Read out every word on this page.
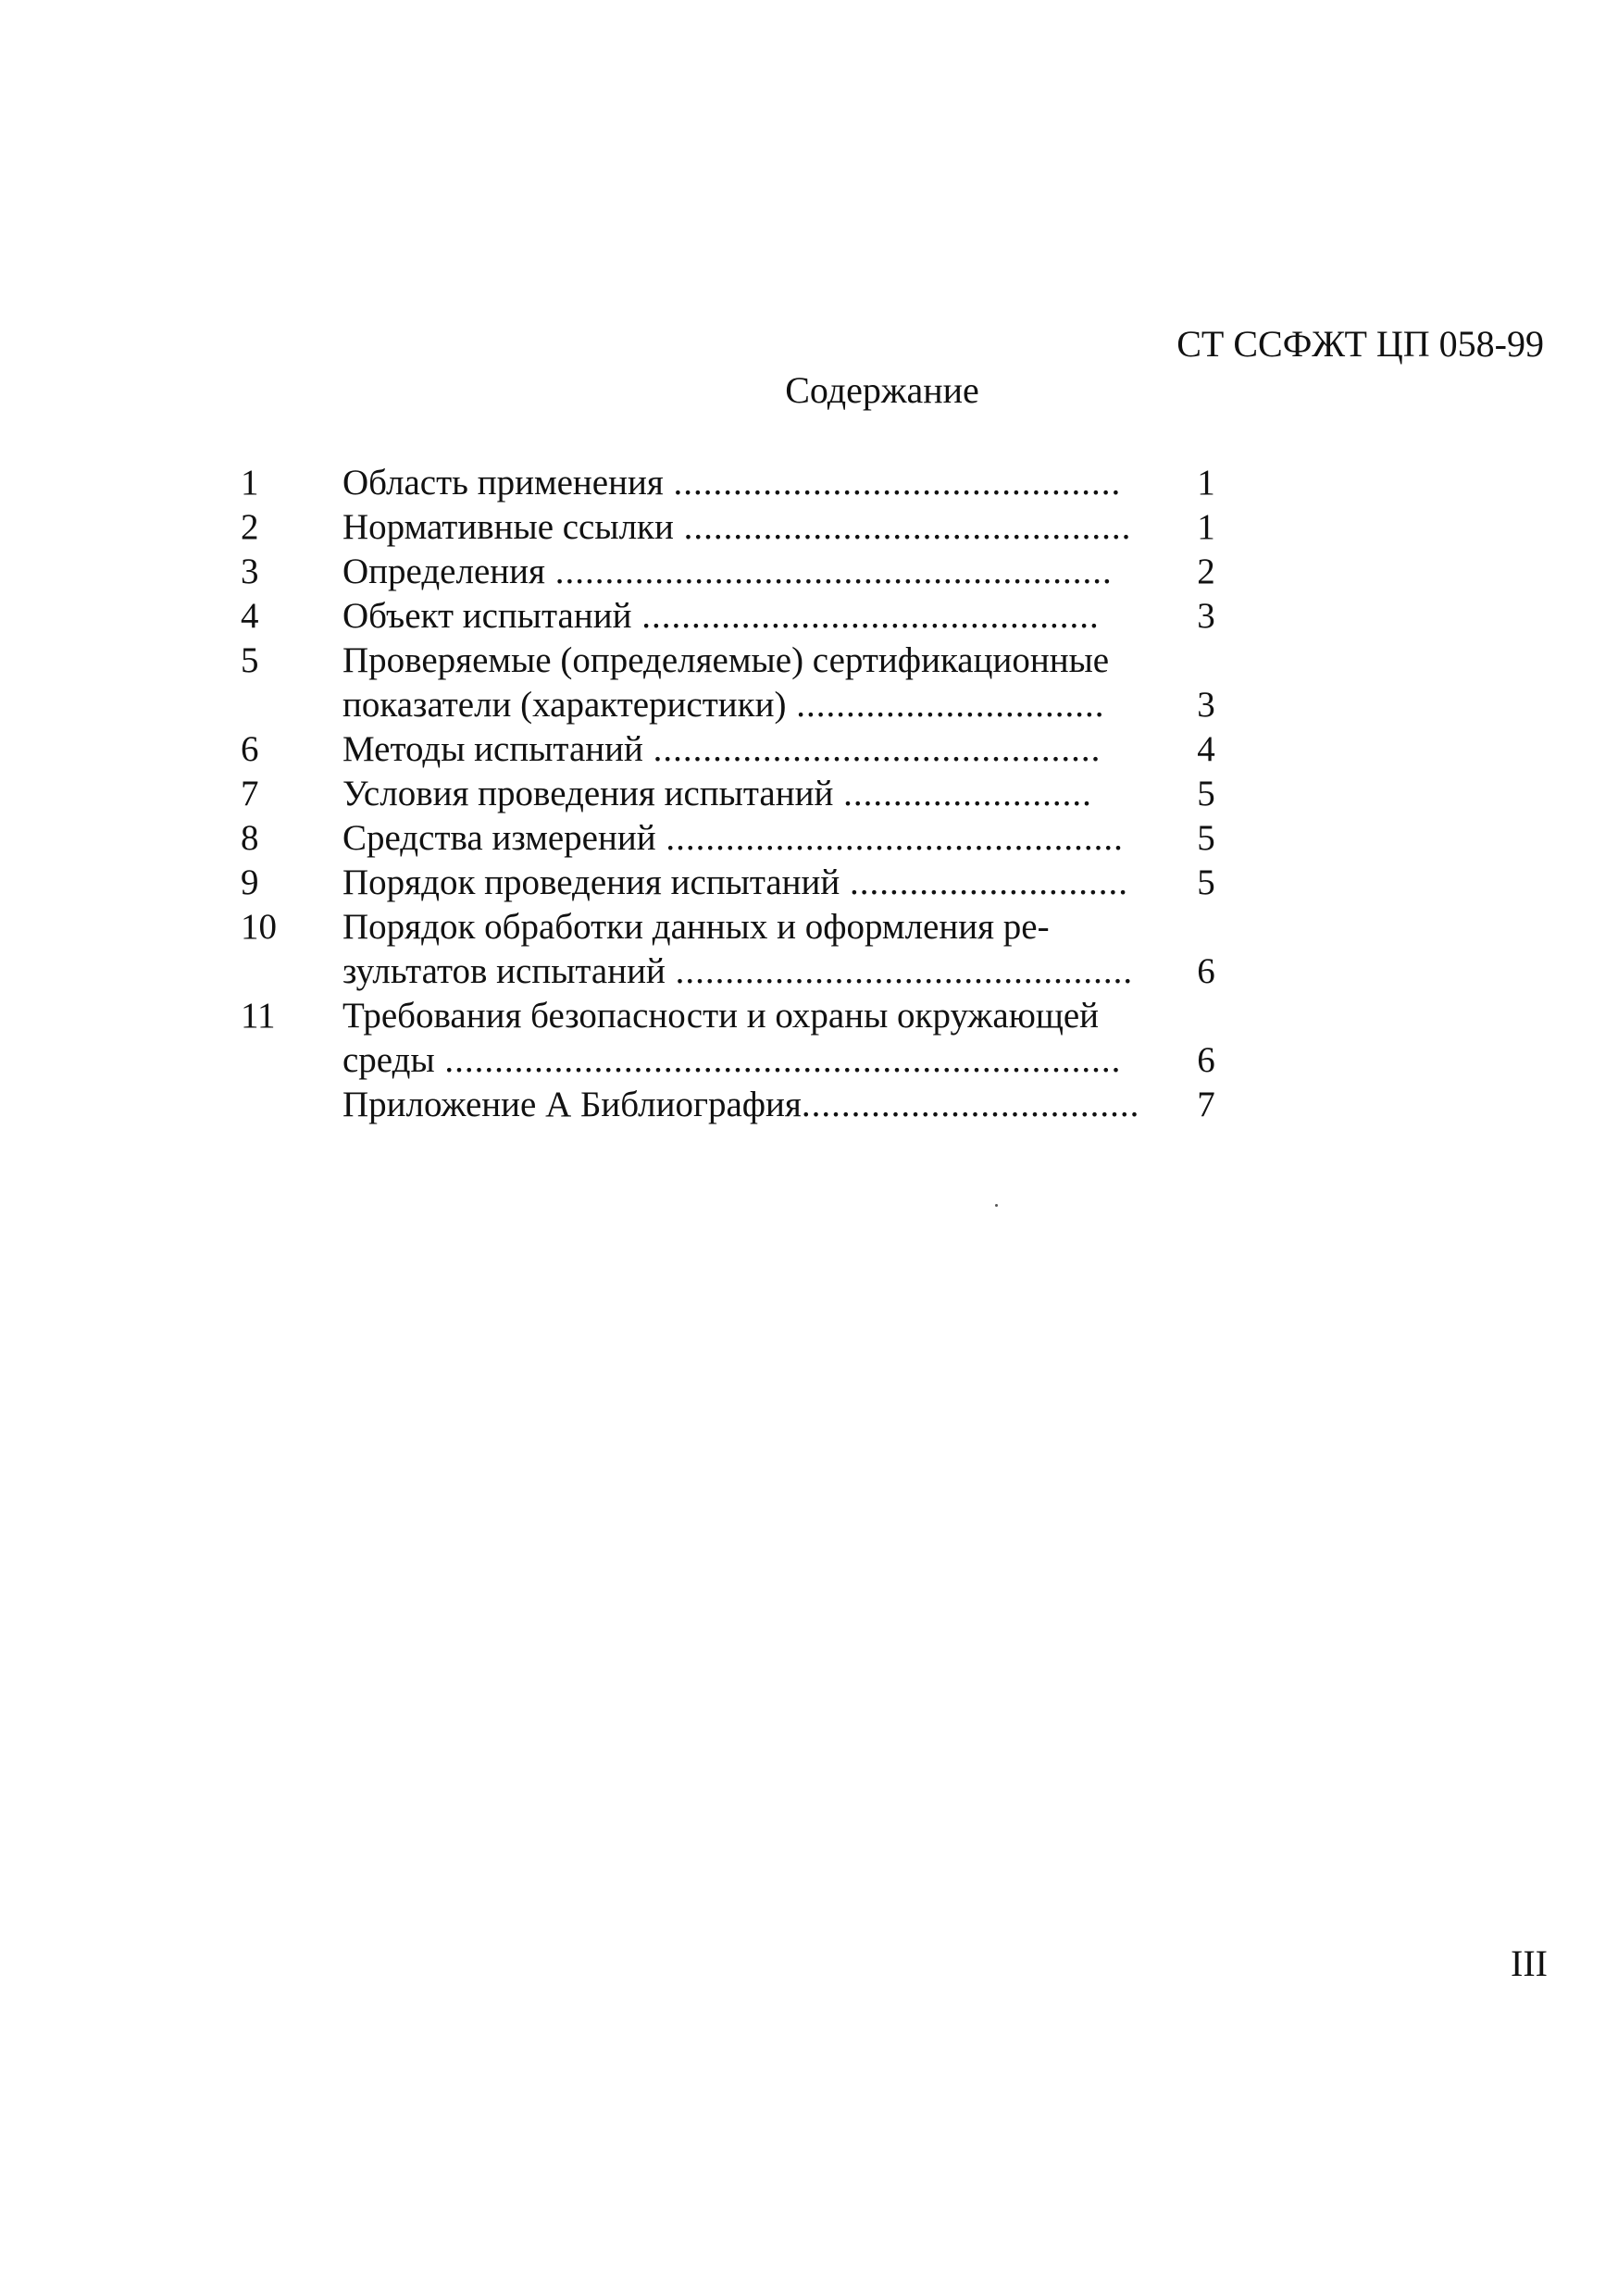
СТ ССФЖТ ЦП 058-99
Содержание
1	Область применения ............................................. 1
2	Нормативные ссылки ............................................. 1
3	Определения ........................................................ 2
4	Объект испытаний ..............................................	3
5	Проверяемые (определяемые) сертификационные
показатели (характеристики) ...............................	3
6	Методы испытаний .............................................	4
7	Условия проведения испытаний .........................	5
8	Средства измерений .............................................. 5
9	Порядок проведения испытаний ............................ 5
10	Порядок обработки данных и оформления ре-
зультатов испытаний .............................................. 6
11	Требования безопасности и охраны окружающей
среды .................................................................... 6
Приложение А Библиография.................................. 7
III
